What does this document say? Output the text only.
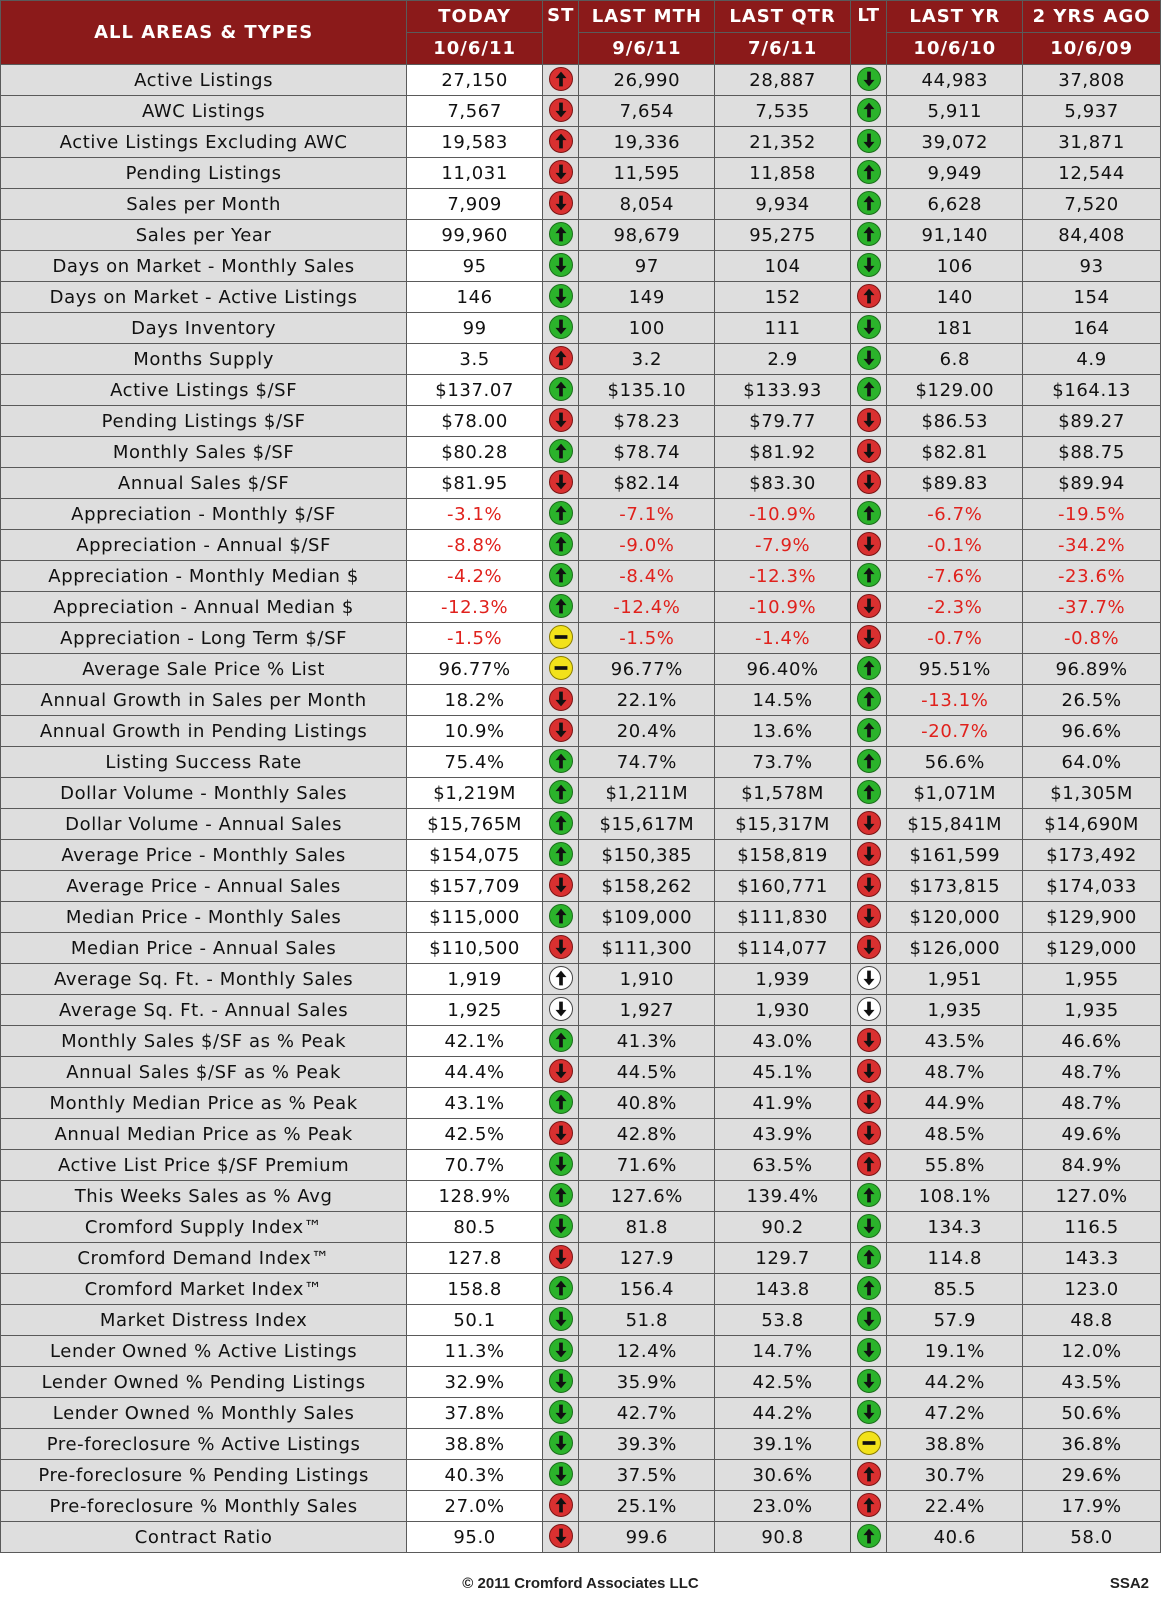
ALL AREAS & TYPES	TODAY	ST	LAST MTH	LAST QTR	LT	LAST YR	2 YRS AGO
	10/6/11		9/6/11	7/6/11		10/6/10	10/6/09
Active Listings	27,150		26,990	28,887		44,983	37,808
AWC Listings	7,567		7,654	7,535		5,911	5,937
Active Listings Excluding AWC	19,583		19,336	21,352		39,072	31,871
Pending Listings	11,031		11,595	11,858		9,949	12,544
Sales per Month	7,909		8,054	9,934		6,628	7,520
Sales per Year	99,960		98,679	95,275		91,140	84,408
Days on Market - Monthly Sales	95		97	104		106	93
Days on Market - Active Listings	146		149	152		140	154
Days Inventory	99		100	111		181	164
Months Supply	3.5		3.2	2.9		6.8	4.9
Active Listings $/SF	$137.07		$135.10	$133.93		$129.00	$164.13
Pending Listings $/SF	$78.00		$78.23	$79.77		$86.53	$89.27
Monthly Sales $/SF	$80.28		$78.74	$81.92		$82.81	$88.75
Annual Sales $/SF	$81.95		$82.14	$83.30		$89.83	$89.94
Appreciation - Monthly $/SF	-3.1%		-7.1%	-10.9%		-6.7%	-19.5%
Appreciation - Annual $/SF	-8.8%		-9.0%	-7.9%		-0.1%	-34.2%
Appreciation - Monthly Median $	-4.2%		-8.4%	-12.3%		-7.6%	-23.6%
Appreciation - Annual Median $	-12.3%		-12.4%	-10.9%		-2.3%	-37.7%
Appreciation - Long Term $/SF	-1.5%		-1.5%	-1.4%		-0.7%	-0.8%
Average Sale Price % List	96.77%		96.77%	96.40%		95.51%	96.89%
Annual Growth in Sales per Month	18.2%		22.1%	14.5%		-13.1%	26.5%
Annual Growth in Pending Listings	10.9%		20.4%	13.6%		-20.7%	96.6%
Listing Success Rate	75.4%		74.7%	73.7%		56.6%	64.0%
Dollar Volume - Monthly Sales	$1,219M		$1,211M	$1,578M		$1,071M	$1,305M
Dollar Volume - Annual Sales	$15,765M		$15,617M	$15,317M		$15,841M	$14,690M
Average Price - Monthly Sales	$154,075		$150,385	$158,819		$161,599	$173,492
Average Price - Annual Sales	$157,709		$158,262	$160,771		$173,815	$174,033
Median Price - Monthly Sales	$115,000		$109,000	$111,830		$120,000	$129,900
Median Price - Annual Sales	$110,500		$111,300	$114,077		$126,000	$129,000
Average Sq. Ft. - Monthly Sales	1,919		1,910	1,939		1,951	1,955
Average Sq. Ft. - Annual Sales	1,925		1,927	1,930		1,935	1,935
Monthly Sales $/SF as % Peak	42.1%		41.3%	43.0%		43.5%	46.6%
Annual Sales $/SF as % Peak	44.4%		44.5%	45.1%		48.7%	48.7%
Monthly Median Price as % Peak	43.1%		40.8%	41.9%		44.9%	48.7%
Annual Median Price as % Peak	42.5%		42.8%	43.9%		48.5%	49.6%
Active List Price $/SF Premium	70.7%		71.6%	63.5%		55.8%	84.9%
This Weeks Sales as % Avg	128.9%		127.6%	139.4%		108.1%	127.0%
Cromford Supply Index™	80.5		81.8	90.2		134.3	116.5
Cromford Demand Index™	127.8		127.9	129.7		114.8	143.3
Cromford Market Index™	158.8		156.4	143.8		85.5	123.0
Market Distress Index	50.1		51.8	53.8		57.9	48.8
Lender Owned % Active Listings	11.3%		12.4%	14.7%		19.1%	12.0%
Lender Owned % Pending Listings	32.9%		35.9%	42.5%		44.2%	43.5%
Lender Owned % Monthly Sales	37.8%		42.7%	44.2%		47.2%	50.6%
Pre-foreclosure % Active Listings	38.8%		39.3%	39.1%		38.8%	36.8%
Pre-foreclosure % Pending Listings	40.3%		37.5%	30.6%		30.7%	29.6%
Pre-foreclosure % Monthly Sales	27.0%		25.1%	23.0%		22.4%	17.9%
Contract Ratio	95.0		99.6	90.8		40.6	58.0
© 2011 Cromford Associates LLC	SSA2
